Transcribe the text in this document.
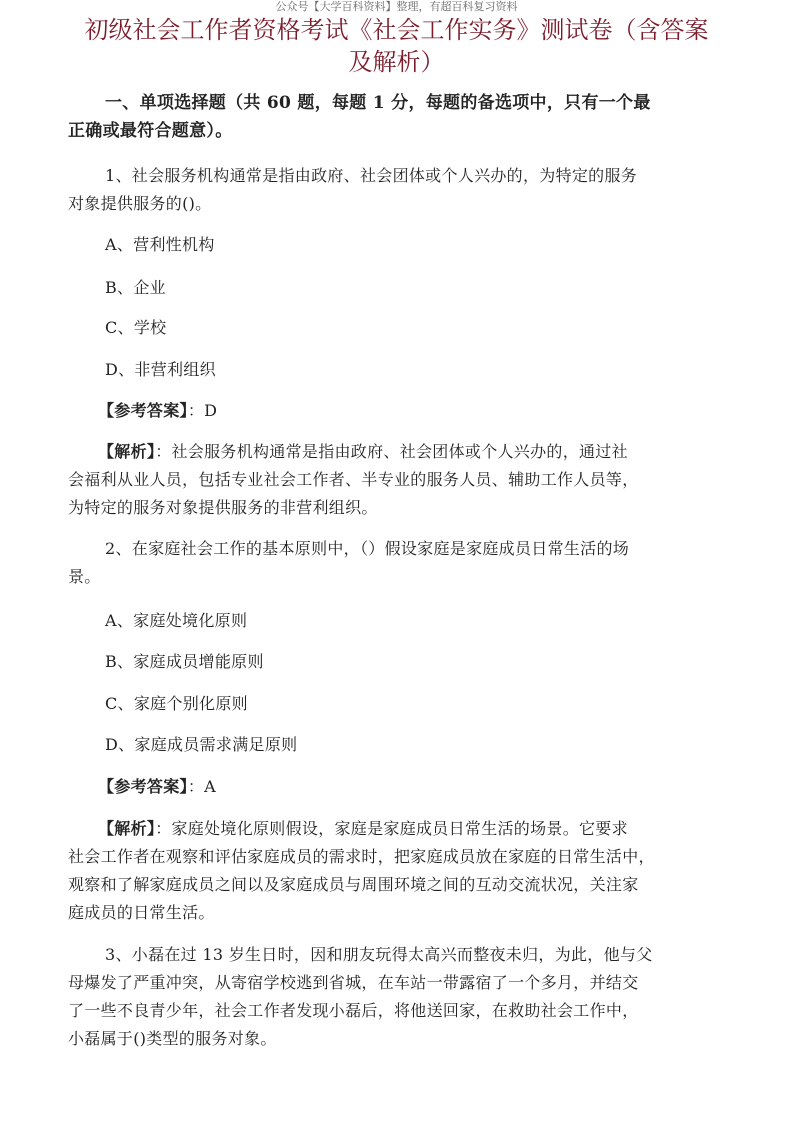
公众号【大学百科资料】整理，有超百科复习资料
初级社会工作者资格考试《社会工作实务》测试卷（含答案
及解析）
一、单项选择题（共 60 题，每题 1 分，每题的备选项中，只有一个最
正确或最符合题意）。
1、社会服务机构通常是指由政府、社会团体或个人兴办的，为特定的服务
对象提供服务的()。
A、营利性机构
B、企业
C、学校
D、非营利组织
【参考答案】：D
【解析】：社会服务机构通常是指由政府、社会团体或个人兴办的，通过社
会福利从业人员，包括专业社会工作者、半专业的服务人员、辅助工作人员等，
为特定的服务对象提供服务的非营利组织。
2、在家庭社会工作的基本原则中，（）假设家庭是家庭成员日常生活的场
景。
A、家庭处境化原则
B、家庭成员增能原则
C、家庭个别化原则
D、家庭成员需求满足原则
【参考答案】：A
【解析】：家庭处境化原则假设，家庭是家庭成员日常生活的场景。它要求
社会工作者在观察和评估家庭成员的需求时，把家庭成员放在家庭的日常生活中，
观察和了解家庭成员之间以及家庭成员与周围环境之间的互动交流状况，关注家
庭成员的日常生活。
3、小磊在过 13 岁生日时，因和朋友玩得太高兴而整夜未归，为此，他与父
母爆发了严重冲突，从寄宿学校逃到省城，在车站一带露宿了一个多月，并结交
了一些不良青少年，社会工作者发现小磊后，将他送回家，在救助社会工作中，
小磊属于()类型的服务对象。
